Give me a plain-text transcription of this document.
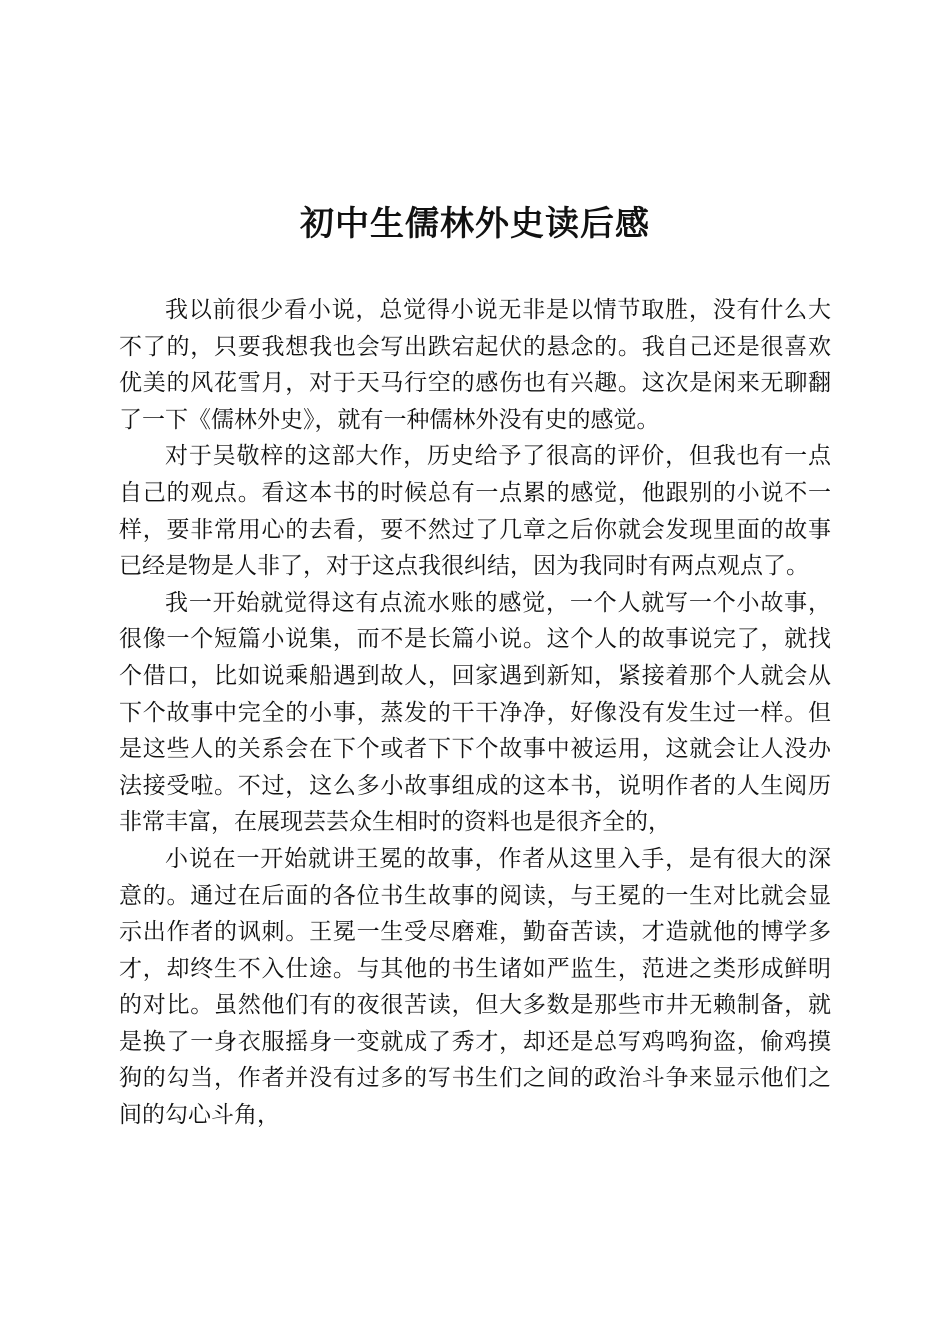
初中生儒林外史读后感

我以前很少看小说，总觉得小说无非是以情节取胜，没有什么大不了的，只要我想我也会写出跌宕起伏的悬念的。我自己还是很喜欢优美的风花雪月，对于天马行空的感伤也有兴趣。这次是闲来无聊翻了一下《儒林外史》，就有一种儒林外没有史的感觉。

对于吴敬梓的这部大作，历史给予了很高的评价，但我也有一点自己的观点。看这本书的时候总有一点累的感觉，他跟别的小说不一样，要非常用心的去看，要不然过了几章之后你就会发现里面的故事已经是物是人非了，对于这点我很纠结，因为我同时有两点观点了。

我一开始就觉得这有点流水账的感觉，一个人就写一个小故事，很像一个短篇小说集，而不是长篇小说。这个人的故事说完了，就找个借口，比如说乘船遇到故人，回家遇到新知，紧接着那个人就会从下个故事中完全的小事，蒸发的干干净净，好像没有发生过一样。但是这些人的关系会在下个或者下下个故事中被运用，这就会让人没办法接受啦。不过，这么多小故事组成的这本书，说明作者的人生阅历非常丰富，在展现芸芸众生相时的资料也是很齐全的，

小说在一开始就讲王冕的故事，作者从这里入手，是有很大的深意的。通过在后面的各位书生故事的阅读，与王冕的一生对比就会显示出作者的讽刺。王冕一生受尽磨难，勤奋苦读，才造就他的博学多才，却终生不入仕途。与其他的书生诸如严监生，范进之类形成鲜明的对比。虽然他们有的夜很苦读，但大多数是那些市井无赖制备，就是换了一身衣服摇身一变就成了秀才，却还是总写鸡鸣狗盗，偷鸡摸狗的勾当，作者并没有过多的写书生们之间的政治斗争来显示他们之间的勾心斗角，
